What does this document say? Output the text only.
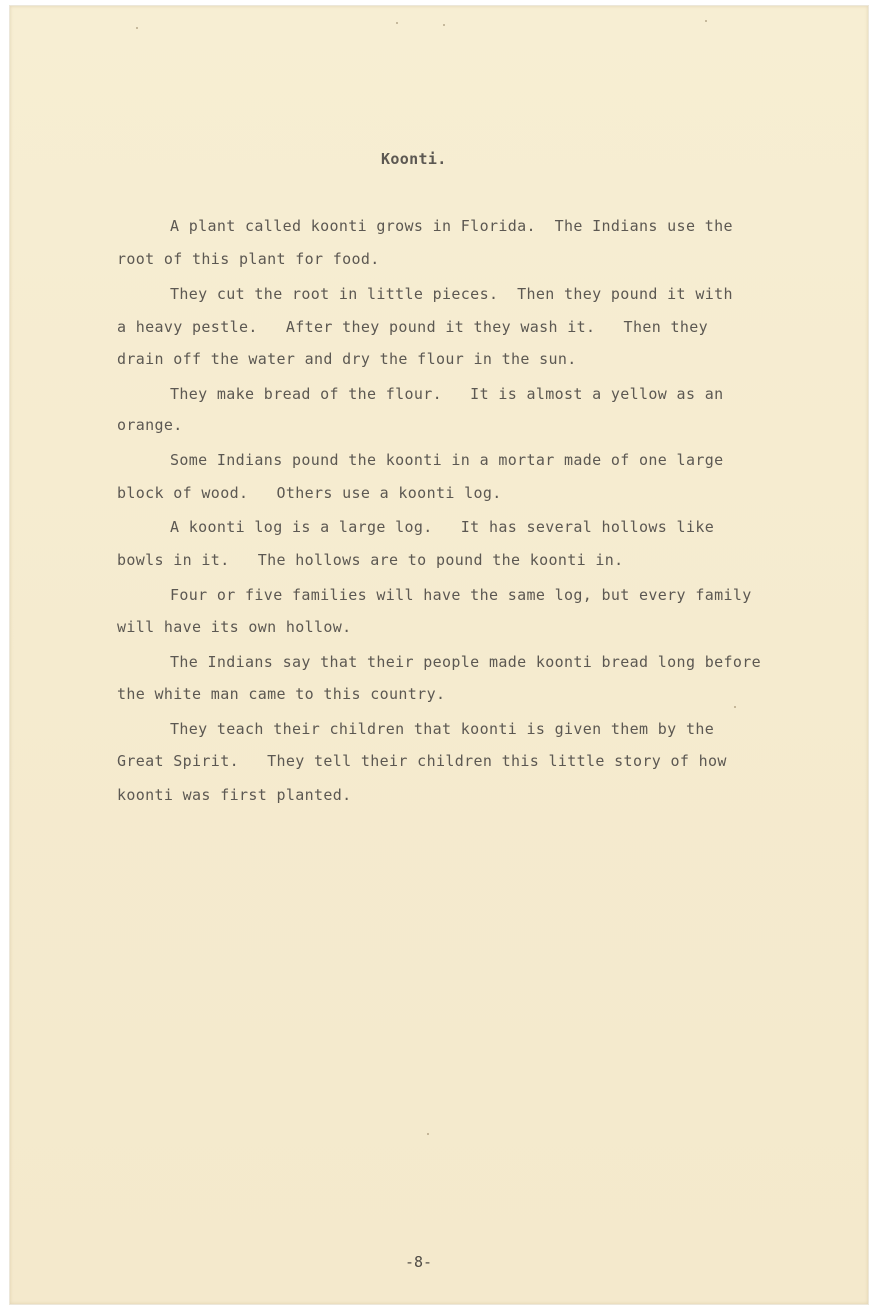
Koonti.

A plant called koonti grows in Florida.  The Indians use the

root of this plant for food.

They cut the root in little pieces.  Then they pound it with

a heavy pestle.   After they pound it they wash it.   Then they

drain off the water and dry the flour in the sun.

They make bread of the flour.   It is almost a yellow as an

orange.

Some Indians pound the koonti in a mortar made of one large

block of wood.   Others use a koonti log.

A koonti log is a large log.   It has several hollows like

bowls in it.   The hollows are to pound the koonti in.

Four or five families will have the same log, but every family

will have its own hollow.

The Indians say that their people made koonti bread long before

the white man came to this country.

They teach their children that koonti is given them by the

Great Spirit.   They tell their children this little story of how

koonti was first planted.

-8-
